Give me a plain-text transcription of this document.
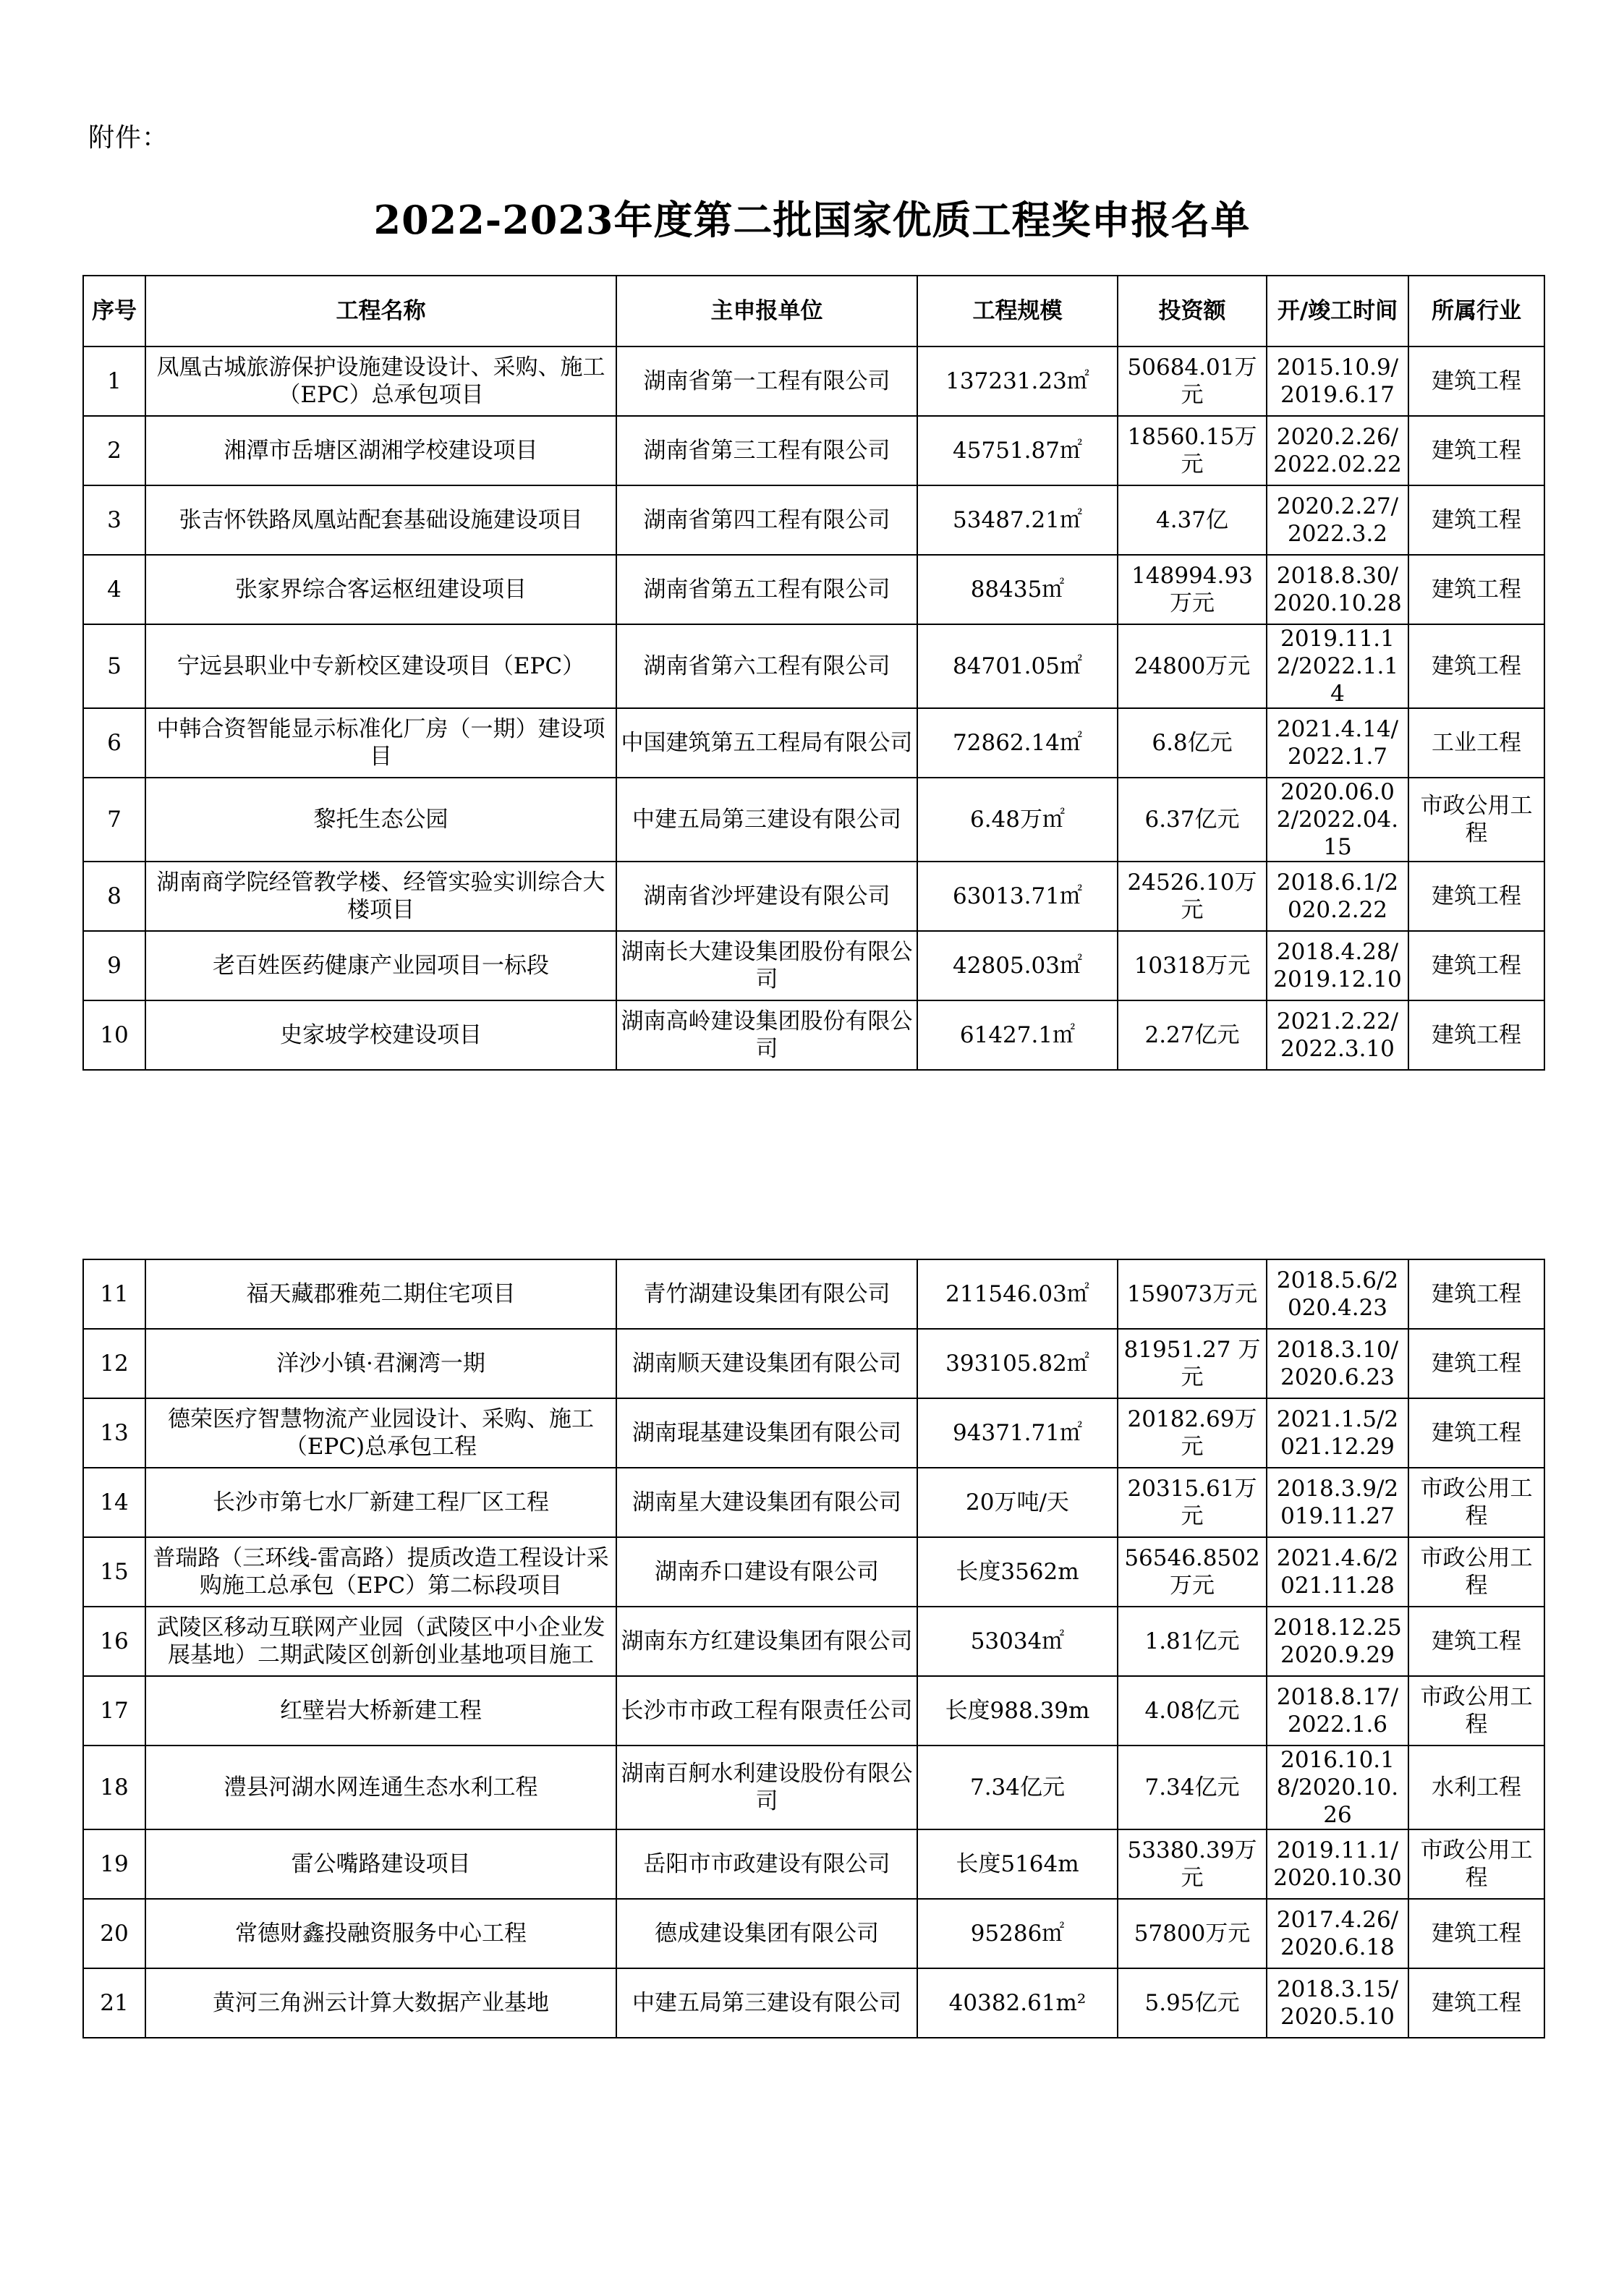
附件：
2022-2023年度第二批国家优质工程奖申报名单
序号	工程名称	主申报单位	工程规模	投资额	开/竣工时间	所属行业
1	凤凰古城旅游保护设施建设设计、采购、施工（EPC）总承包项目	湖南省第一工程有限公司	137231.23㎡	50684.01万元	2015.10.9/2019.6.17	建筑工程
2	湘潭市岳塘区湖湘学校建设项目	湖南省第三工程有限公司	45751.87㎡	18560.15万元	2020.2.26/2022.02.22	建筑工程
3	张吉怀铁路凤凰站配套基础设施建设项目	湖南省第四工程有限公司	53487.21㎡	4.37亿	2020.2.27/2022.3.2	建筑工程
4	张家界综合客运枢纽建设项目	湖南省第五工程有限公司	88435㎡	148994.93万元	2018.8.30/2020.10.28	建筑工程
5	宁远县职业中专新校区建设项目（EPC）	湖南省第六工程有限公司	84701.05㎡	24800万元	2019.11.12/2022.1.14	建筑工程
6	中韩合资智能显示标准化厂房（一期）建设项目	中国建筑第五工程局有限公司	72862.14㎡	6.8亿元	2021.4.14/2022.1.7	工业工程
7	黎托生态公园	中建五局第三建设有限公司	6.48万㎡	6.37亿元	2020.06.02/2022.04.15	市政公用工程
8	湖南商学院经管教学楼、经管实验实训综合大楼项目	湖南省沙坪建设有限公司	63013.71㎡	24526.10万元	2018.6.1/2020.2.22	建筑工程
9	老百姓医药健康产业园项目一标段	湖南长大建设集团股份有限公司	42805.03㎡	10318万元	2018.4.28/2019.12.10	建筑工程
10	史家坡学校建设项目	湖南高岭建设集团股份有限公司	61427.1㎡	2.27亿元	2021.2.22/2022.3.10	建筑工程
11	福天藏郡雅苑二期住宅项目	青竹湖建设集团有限公司	211546.03㎡	159073万元	2018.5.6/2020.4.23	建筑工程
12	洋沙小镇·君澜湾一期	湖南顺天建设集团有限公司	393105.82㎡	81951.27 万元	2018.3.10/2020.6.23	建筑工程
13	德荣医疗智慧物流产业园设计、采购、施工（EPC)总承包工程	湖南琨基建设集团有限公司	94371.71㎡	20182.69万元	2021.1.5/2021.12.29	建筑工程
14	长沙市第七水厂新建工程厂区工程	湖南星大建设集团有限公司	20万吨/天	20315.61万元	2018.3.9/2019.11.27	市政公用工程
15	普瑞路（三环线-雷高路）提质改造工程设计采购施工总承包（EPC）第二标段项目	湖南乔口建设有限公司	长度3562m	56546.8502万元	2021.4.6/2021.11.28	市政公用工程
16	武陵区移动互联网产业园（武陵区中小企业发展基地）二期武陵区创新创业基地项目施工	湖南东方红建设集团有限公司	53034㎡	1.81亿元	2018.12.252020.9.29	建筑工程
17	红壁岩大桥新建工程	长沙市市政工程有限责任公司	长度988.39m	4.08亿元	2018.8.17/2022.1.6	市政公用工程
18	澧县河湖水网连通生态水利工程	湖南百舸水利建设股份有限公司	7.34亿元	7.34亿元	2016.10.18/2020.10.26	水利工程
19	雷公嘴路建设项目	岳阳市市政建设有限公司	长度5164m	53380.39万元	2019.11.1/2020.10.30	市政公用工程
20	常德财鑫投融资服务中心工程	德成建设集团有限公司	95286㎡	57800万元	2017.4.26/2020.6.18	建筑工程
21	黄河三角洲云计算大数据产业基地	中建五局第三建设有限公司	40382.61m²	5.95亿元	2018.3.15/2020.5.10	建筑工程
